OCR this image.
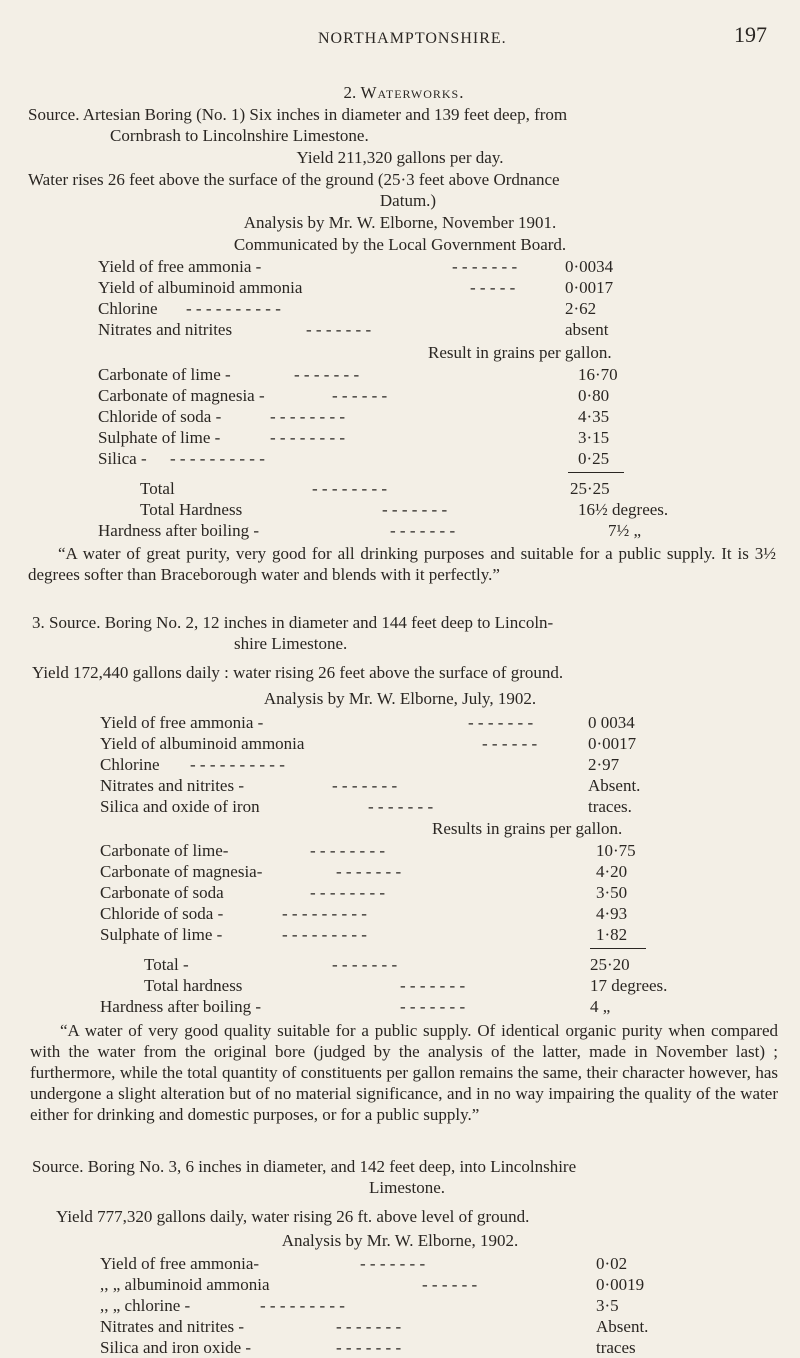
NORTHAMPTONSHIRE.	197
2. Waterworks.
Source. Artesian Boring (No. 1) Six inches in diameter and 139 feet deep, from
Cornbrash to Lincolnshire Limestone.
Yield 211,320 gallons per day.
Water rises 26 feet above the surface of the ground (25·3 feet above Ordnance
Datum.)
Analysis by Mr. W. Elborne, November 1901.
Communicated by the Local Government Board.
Yield of free ammonia -	- - - - - - -	0·0034
Yield of albuminoid ammonia	- - - - -	0·0017
Chlorine - - - - - - - - - -	2·62
Nitrates and nitrites	- - - - - - -	absent
Result in grains per gallon.
Carbonate of lime -	- - - - - - -	16·70
Carbonate of magnesia -	- - - - - -	0·80
Chloride of soda -	- - - - - - - -	4·35
Sulphate of lime -	- - - - - - - -	3·15
Silica - - - - - - - - - - -	0·25
Total	- - - - - - - -	25·25
Total Hardness	- - - - - - -	16½ degrees.
Hardness after boiling -	- - - - - - -	7½ „
“A water of great purity, very good for all drinking purposes and suitable for a public supply. It is 3½ degrees softer than Braceborough water and blends with it perfectly.”
3. Source. Boring No. 2, 12 inches in diameter and 144 feet deep to Lincoln-
shire Limestone.
Yield 172,440 gallons daily : water rising 26 feet above the surface of ground.
Analysis by Mr. W. Elborne, July, 1902.
Yield of free ammonia -	- - - - - - -	0 0034
Yield of albuminoid ammonia	- - - - - -	0·0017
Chlorine - - - - - - - - - -	2·97
Nitrates and nitrites -	- - - - - - -	Absent.
Silica and oxide of iron	- - - - - - -	traces.
Results in grains per gallon.
Carbonate of lime-	- - - - - - - -	10·75
Carbonate of magnesia-	- - - - - - -	4·20
Carbonate of soda	- - - - - - - -	3·50
Chloride of soda -	- - - - - - - - -	4·93
Sulphate of lime -	- - - - - - - - -	1·82
Total -	- - - - - - -	25·20
Total hardness	- - - - - - -	17 degrees.
Hardness after boiling -	- - - - - - -	4 „
“A water of very good quality suitable for a public supply. Of identical organic purity when compared with the water from the original bore (judged by the analysis of the latter, made in November last) ; furthermore, while the total quantity of constituents per gallon remains the same, their character however, has undergone a slight alteration but of no material significance, and in no way impairing the quality of the water either for drinking and domestic purposes, or for a public supply.”
Source. Boring No. 3, 6 inches in diameter, and 142 feet deep, into Lincolnshire
Limestone.
Yield 777,320 gallons daily, water rising 26 ft. above level of ground.
Analysis by Mr. W. Elborne, 1902.
Yield of free ammonia-	- - - - - - -	0·02
,, „ albuminoid ammonia	- - - - - -	0·0019
,, „ chlorine -	- - - - - - - - -	3·5
Nitrates and nitrites -	- - - - - - -	Absent.
Silica and iron oxide -	- - - - - - -	traces
